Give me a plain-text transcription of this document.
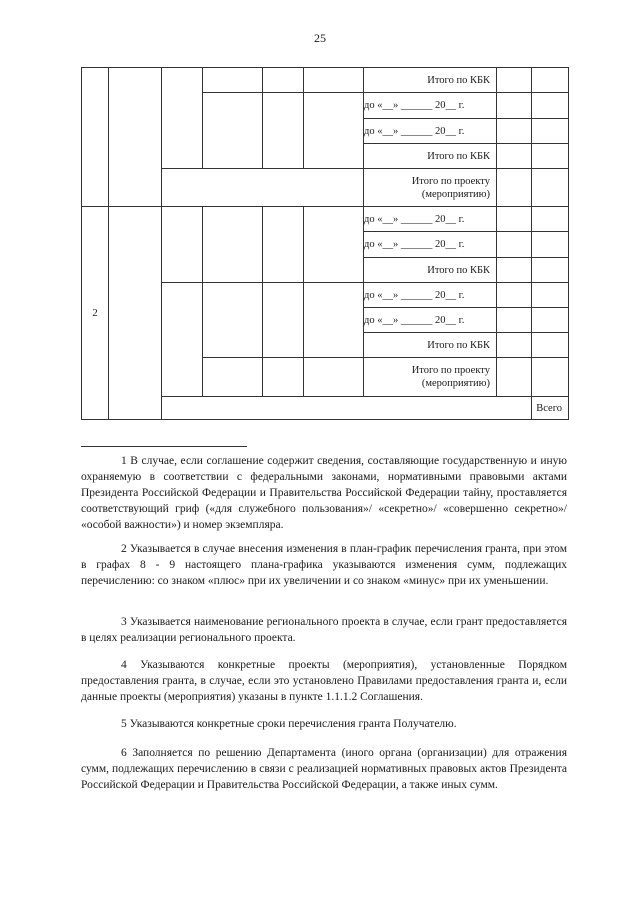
25
						Итого по КБК			
						до «__» ______ 20__ г.			
						до «__» ______ 20__ г.			
						Итого по КБК			
						Итого по проекту (мероприятию)			
2						до «__» ______ 20__ г.			
						до «__» ______ 20__ г.			
						Итого по КБК			
						до «__» ______ 20__ г.			
						до «__» ______ 20__ г.			
						Итого по КБК			
						Итого по проекту (мероприятию)			
								Всего		

1 В случае, если соглашение содержит сведения, составляющие государственную и иную охраняемую в соответствии с федеральными законами, нормативными правовыми актами Президента Российской Федерации и Правительства Российской Федерации тайну, проставляется соответствующий гриф («для служебного пользования»/ «секретно»/ «совершенно секретно»/ «особой важности») и номер экземпляра.

2 Указывается в случае внесения изменения в план-график перечисления гранта, при этом в графах 8 - 9 настоящего плана-графика указываются изменения сумм, подлежащих перечислению: со знаком «плюс» при их увеличении и со знаком «минус» при их уменьшении.

3 Указывается наименование регионального проекта в случае, если грант предоставляется в целях реализации регионального проекта.

4 Указываются конкретные проекты (мероприятия), установленные Порядком предоставления гранта, в случае, если это установлено Правилами предоставления гранта и, если данные проекты (мероприятия) указаны в пункте 1.1.1.2 Соглашения.

5 Указываются конкретные сроки перечисления гранта Получателю.

6 Заполняется по решению Департамента (иного органа (организации) для отражения сумм, подлежащих перечислению в связи с реализацией нормативных правовых актов Президента Российской Федерации и Правительства Российской Федерации, а также иных сумм.
